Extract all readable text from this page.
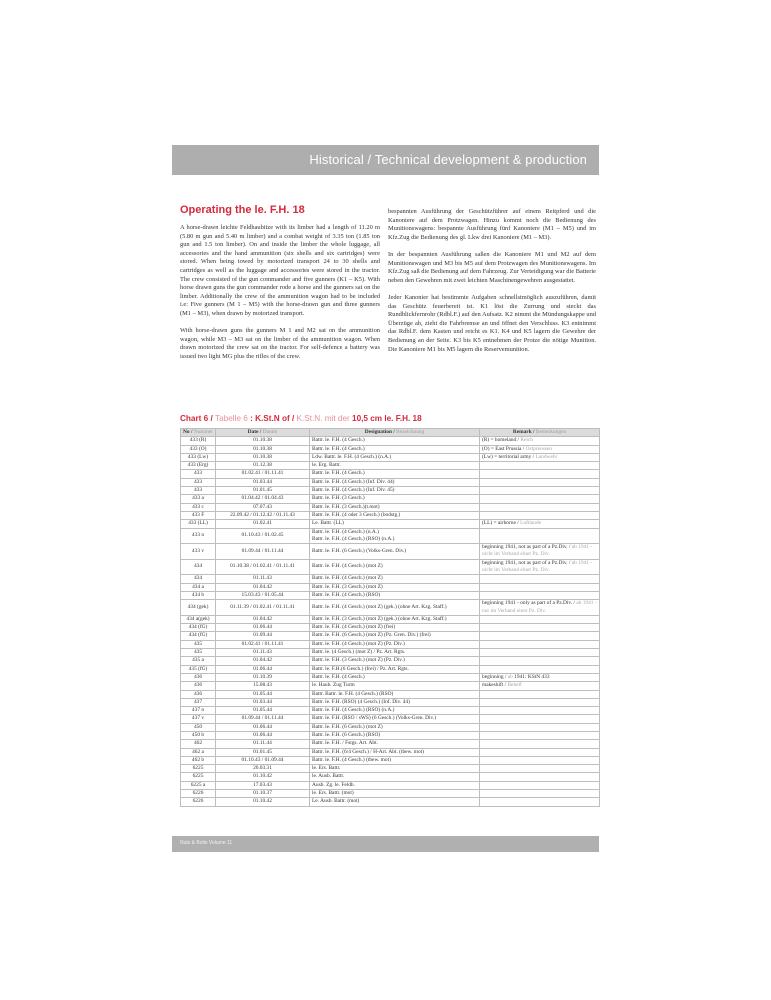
Historical / Technical development & production
Operating the le. F.H. 18

A horse-drawn leichte Feldhaubitze with its limber had a length of 11.20 m (5.80 m gun and 5.40 m limber) and a combat weight of 3.35 ton (1.85 ton gun and 1.5 ton limber). On and inside the limber the whole luggage, all accessories and the hand ammunition (six shells and six cartridges) were stored. When being towed by motorized transport 24 to 30 shells and cartridges as well as the luggage and accessories were stored in the tractor. The crew consisted of the gun commander and five gunners (K1 – K5). With horse drawn guns the gun commander rode a horse and the gunners sat on the limber. Additionally the crew of the ammunition wagon had to be included i.e: Five gunners (M 1 – M5) with the horse-drawn gun and three gunners (M1 – M3), when drawn by motorized transport.

With horse-drawn guns the gunners M 1 and M2 sat on the ammunition wagon, while M3 – M3 sat on the limber of the ammunition wagon. When drawn motorized the crew sat on the tractor. For self-defence a battery was issued two light MG plus the rifles of the crew.

bespannten Ausführung der Geschützführer auf einem Reitpferd und die Kanoniere auf dem Protzwagen. Hinzu kommt noch die Bedienung des Munitionswagens: bespannte Ausführung fünf Kanoniere (M1 – M5) und im Kfz.Zug die Bedienung des gl. Lkw drei Kanoniere (M1 – M3).

In der bespannten Ausführung saßen die Kanoniere M1 und M2 auf dem Munitionswagen und M3 bis M5 auf dem Protzwagen des Munitionswagens. Im Kfz.Zug saß die Bedienung auf dem Fahrzeug. Zur Verteidigung war die Batterie neben den Gewehren mit zwei leichten Maschinengewehren ausgestattet.

Jeder Kanonier hat bestimmte Aufgaben schnellstmöglich auszuführen, damit das Geschütz feuerbereit ist. K1 löst die Zurrung und steckt das Rundblickfernrohr (Rdbl.F.) auf den Aufsatz. K2 nimmt die Mündungskappe und Überzüge ab, zieht die Fahrbremse an und öffnet den Verschluss. K3 entnimmt das Rdbl.F. dem Kasten und reicht es K1. K4 und K5 lagern die Gewehre der Bedienung an der Seite. K3 bis K5 entnehmen der Protze die nötige Munition. Die Kanoniere M1 bis M5 lagern die Reservemunition.

Chart 6 / Tabelle 6 : K.St.N of / K.St.N. mit der 10,5 cm le. F.H. 18
No / Nummer	Date / Datum	Designation / Bezeichnung	Remark / Bemerkungen
433 (R)	01.10.38	Battr. le. F.H. (4 Gesch.)	(R) = homeland / Reich
433 (O)	01.10.38	Battr. le. F.H. (4 Gesch.)	(O) = East Prussia / Ostpreussen
433 (Lw)	01.10.38	Ldw. Battr. le. F.H. (4 Gesch.) (n.A.)	(Lw) = territorial army / Landwehr
433 (Erg)	01.12.38	le. Erg. Battr.	

433	01.02.41 / 01.11.41	Battr. le. F.H. (4 Gesch.)	

433	01.03.44	Battr. le. F.H. (4 Gesch.) (Inf. Div. 44)	

433	01.01.45	Battr. le. F.H. (4 Gesch.) (Inf. Div. 45)	

433 a	01.04.42 / 01.04.43	Battr. le. F.H. (3 Gesch.)	

433 c	07.07.43	Battr. le. F.H. (3 Gesch.)(t.mot)	

433 F	22.09.42 / 01.12.42 / 01.11.43	Battr. le. F.H. (4 oder 3 Gesch.) (bodstg.)	

433 (LL)	01.02.41	Le. Battr. (LL)	(LL) = airborne / Luftlande
433 n	01.10.43 / 01.02.45	Battr. le. F.H. (4 Gesch.) (n.A.)
Battr. le. F.H. (4 Gesch.) (RSO) (n.A.)	

433 v	01.09.44 / 01.11.44	Battr. le. F.H. (6 Gesch.) (Volks-Gren. Div.)	beginning 1941, not as part of a Pz.Div. / ab 1941 - nicht im Verband einer Pz. Div.
434	01.10.38 / 01.02.41 / 01.11.41	Battr. le. F.H. (4 Gesch.) (mot Z)	beginning 1941, not as part of a Pz.Div. / ab 1941 - nicht im Verband einer Pz. Div.
434	01.11.43	Battr. le. F.H. (4 Gesch.) (mot Z)	

434 a	01.04.42	Battr. le. F.H. (3 Gesch.) (mot Z)	

434 b	15.03.43 / 01.05.44	Battr. le. F.H. (4 Gesch.) (RSO)	

434 (gek)	01.11.39 / 01.02.41 / 01.11.41	Battr. le. F.H. (4 Gesch.) (mot Z) (gek.) (ohne Art. Kzg. Staff.)	beginning 1941 - only as part of a Pz.Div. / ab 1941 - nur im Verband einer Pz. Div.
434 a(gek)	01.04.42	Battr. le. F.H. (3 Gesch.) (mot Z) (gek.) (ohne Art. Kzg. Staff.)	

434 (fG)	01.06.44	Battr. le. F.H. (4 Gesch.) (mot Z) (frei)	

434 (fG)	01.09.44	Battr. le. F.H. (6 Gesch.) (mot Z) (Pz. Gren. Div.) (frei)	

435	01.02.41 / 01.11.41	Battr. le. F.H. (4 Gesch.) (mot Z) (Pz. Div.)	

435	01.11.43	Battr. le. (4 Gesch.) (mot Z) / Pz. Art. Rgts.	

435 a	01.04.42	Battr. le. F.H. (3 Gesch.) (mot Z) (Pz. Div.)	

435 (fG)	01.06.44	Battr. le. F.H.(6 Gesch.) (frei) / Pz. Art. Rgts.	

436	01.10.39	Battr. le. F.H. (4 Gesch.)	beginning / ab 1941: KStN 433
436	15.08.43	le. Haub. Zug Turm	makeshift / Behelf
436	01.05.44	Battr. Battr. le. F.H. (4 Gesch.) (RSO)	

437	01.03.44	Battr. le. F.H. (RSO) (4 Gesch.) (Inf. Div. 44)	

437 n	01.05.44	Battr. le. F.H. (4 Gesch.) (RSO) (n.A.)	

437 v	01.09.44 / 01.11.44	Battr. le. F.H. (RSO / sWS) (6 Gesch.) (Volks-Gren. Div.)	

450	01.06.44	Battr. le. F.H. (6 Gesch.) (mot Z)	

450 b	01.06.44	Battr. le. F.H. (6 Gesch.) (RSO)	

462	01.11.44	Battr. le. F.H. / Fstgs. Art. Abt.	

462 a	01.01.45	Battr. le. F.H. (6/4 Gesch.) / H-Art. Abt. (tbew. mot)	

462 b	01.10.43 / 01.09.44	Battr. le. F.H. (4 Gesch.) (tbew. mot)	

6225	20.03.31	le. Ers. Battr.	

6225	01.10.42	le. Ausb. Battr.	

6225 a	17.03.43	Ausb. Zg. le. Feldh.	

6226	01.10.37	le. Ers. Battr. (mot)	

6226	01.10.42	Le. Ausb. Battr. (mot)	

Nuts & Bolts Volume 11
